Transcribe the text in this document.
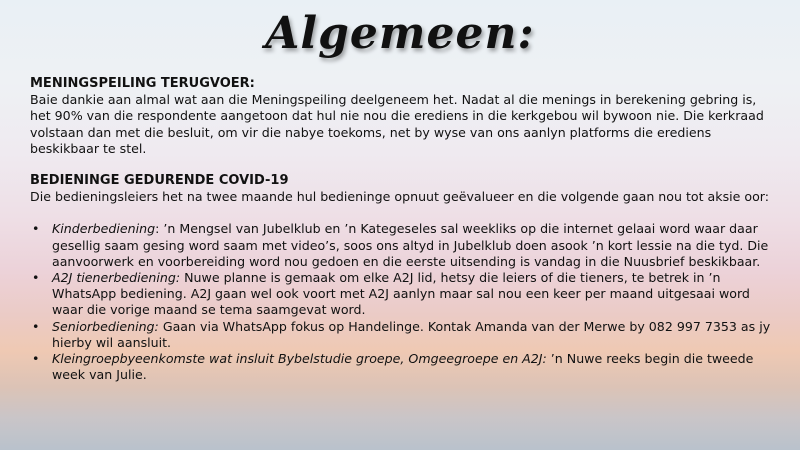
Algemeen:

MENINGSPEILING TERUGVOER:

Baie dankie aan almal wat aan die Meningspeiling deelgeneem het. Nadat al die menings in berekening gebring is, het 90% van die respondente aangetoon dat hul nie nou die erediens in die kerkgebou wil bywoon nie. Die kerkraad volstaan dan met die besluit, om vir die nabye toekoms, net by wyse van ons aanlyn platforms die erediens beskikbaar te stel.

BEDIENINGE GEDURENDE COVID-19

Die bedieningsleiers het na twee maande hul bedieninge opnuut geëvalueer en die volgende gaan nou tot aksie oor:

• Kinderbediening: ’n Mengsel van Jubelklub en ’n Kategeseles sal weekliks op die internet gelaai word waar daar gesellig saam gesing word saam met video’s, soos ons altyd in Jubelklub doen asook ’n kort lessie na die tyd. Die aanvoorwerk en voorbereiding word nou gedoen en die eerste uitsending is vandag in die Nuusbrief beskikbaar.
• A2J tienerbediening: Nuwe planne is gemaak om elke A2J lid, hetsy die leiers of die tieners, te betrek in ’n WhatsApp bediening. A2J gaan wel ook voort met A2J aanlyn maar sal nou een keer per maand uitgesaai word waar die vorige maand se tema saamgevat word.
• Seniorbediening: Gaan via WhatsApp fokus op Handelinge. Kontak Amanda van der Merwe by 082 997 7353 as jy hierby wil aansluit.
• Kleingroepbyeenkomste wat insluit Bybelstudie groepe, Omgeegroepe en A2J: ’n Nuwe reeks begin die tweede week van Julie.
